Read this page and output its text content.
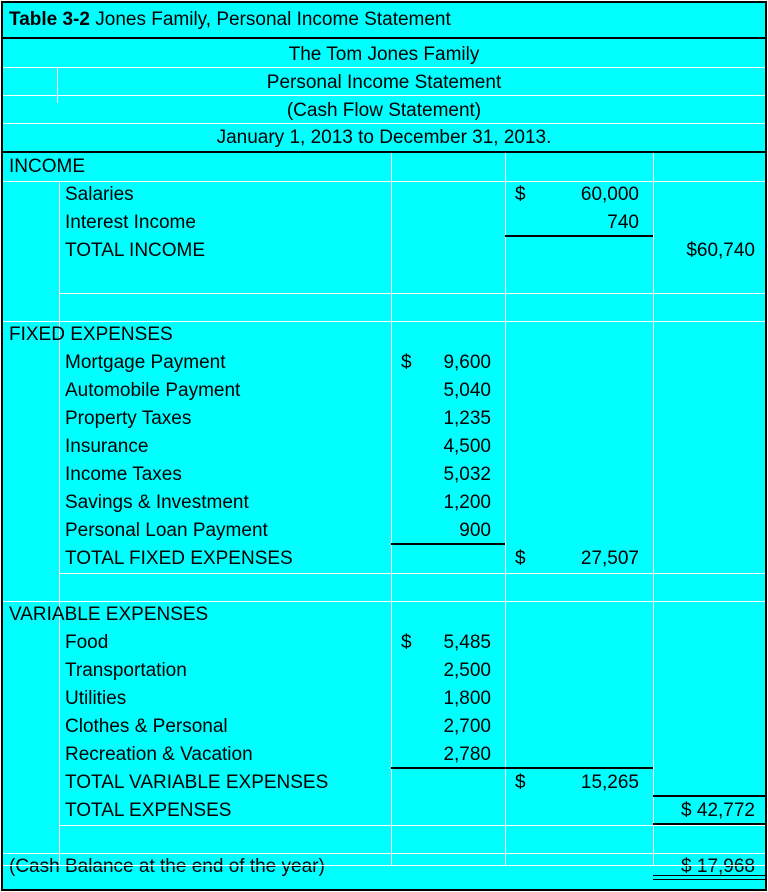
Table 3-2 Jones Family, Personal Income Statement
The Tom Jones Family
Personal Income Statement
(Cash Flow Statement)
January 1, 2013 to December 31, 2013.
INCOME
Salaries	$	60,000
Interest Income	740
TOTAL INCOME	$60,740
FIXED EXPENSES
Mortgage Payment	$	9,600
Automobile Payment	5,040
Property Taxes	1,235
Insurance	4,500
Income Taxes	5,032
Savings & Investment	1,200
Personal Loan Payment	900
TOTAL FIXED EXPENSES	$	27,507
VARIABLE EXPENSES
Food	$	5,485
Transportation	2,500
Utilities	1,800
Clothes & Personal	2,700
Recreation & Vacation	2,780
TOTAL VARIABLE EXPENSES	$	15,265
TOTAL EXPENSES	$ 42,772
(Cash Balance at the end of the year)	$ 17,968
